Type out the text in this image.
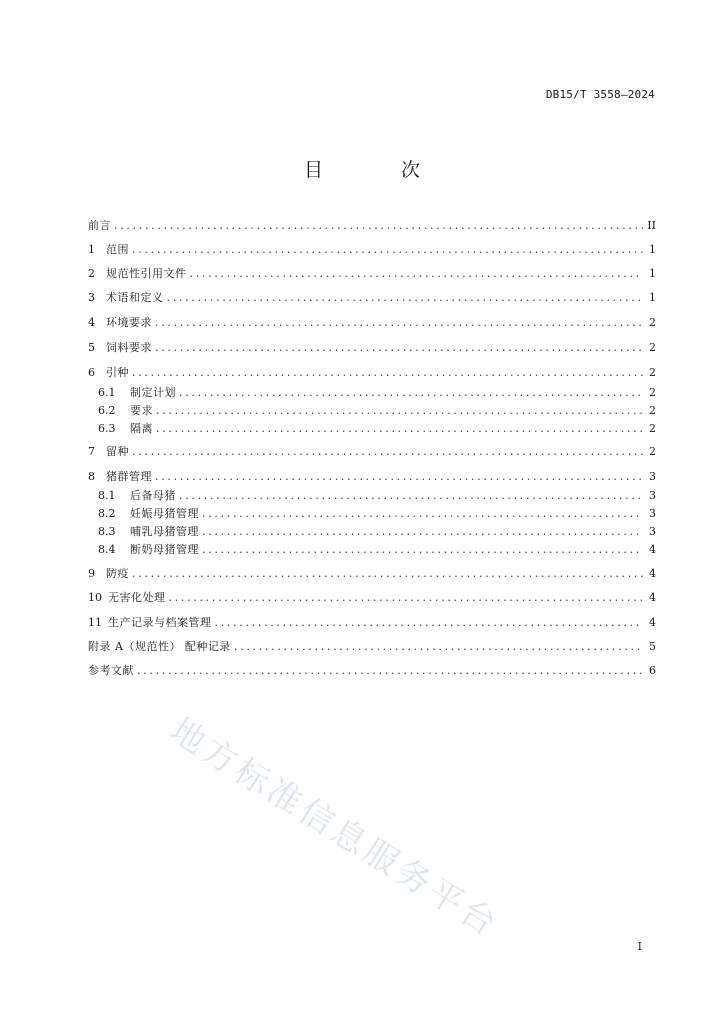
DB15/T 3558—2024
目 次
前言 .....	II
1	范围 .....	1
2	规范性引用文件 .....	1
3	术语和定义 .....	1
4	环境要求 .....	2
5	饲料要求 .....	2
6	引种 .....	2
6.1	制定计划 .....	2
6.2	要求 .....	2
6.3	隔离 .....	2
7	留种 .....	2
8	猪群管理 .....	3
8.1	后备母猪 .....	3
8.2	妊娠母猪管理 .....	3
8.3	哺乳母猪管理 .....	3
8.4	断奶母猪管理 .....	4
9	防疫 .....	4
10 无害化处理 .....	4
11 生产记录与档案管理 .....	4
附录 A（规范性） 配种记录 .....	5
参考文献 .....	6
地方标准信息服务平台
I
